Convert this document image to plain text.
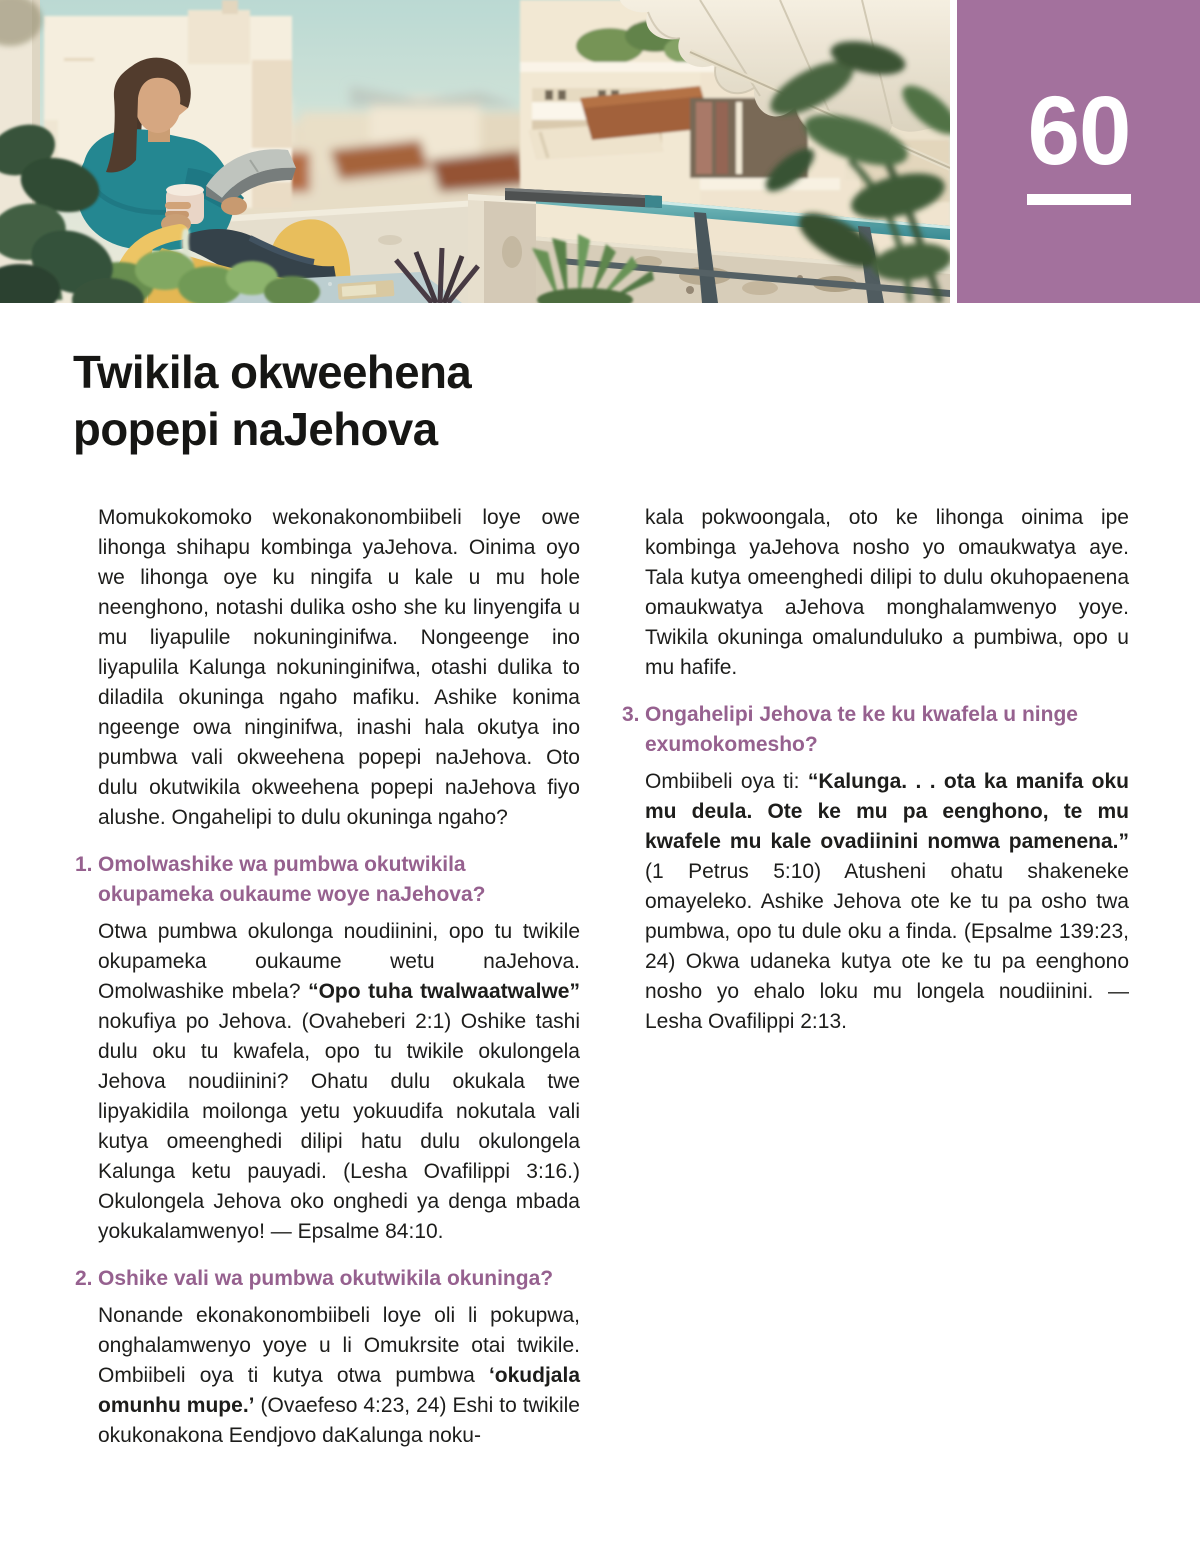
60
Twikila okweehena
popepi naJehova

Momukokomoko wekonakonombiibeli loye owe lihonga shihapu kombinga yaJehova. Oinima oyo we lihonga oye ku ningifa u kale u mu hole neenghono, notashi dulika osho she ku linyengifa u mu liyapulile nokuninginifwa. Nongeenge ino liyapulila Kalunga nokuninginifwa, otashi dulika to diladila okuninga ngaho mafiku. Ashike konima ngeenge owa ninginifwa, inashi hala okutya ino pumbwa vali okweehena popepi naJehova. Oto dulu okutwikila okweehena popepi naJehova fiyo alushe. Ongahelipi to dulu okuninga ngaho?

1. Omolwashike wa pumbwa okutwikila okupameka oukaume woye naJehova?

Otwa pumbwa okulonga noudiinini, opo tu twikile okupameka oukaume wetu naJehova. Omolwashike mbela? “Opo tuha twalwaatwalwe” nokufiya po Jehova. (Ovaheberi 2:1) Oshike tashi dulu oku tu kwafela, opo tu twikile okulongela Jehova noudiinini? Ohatu dulu okukala twe lipyakidila moilonga yetu yokuudifa nokutala vali kutya omeenghedi dilipi hatu dulu okulongela Kalunga ketu pauyadi. (Lesha Ovafilippi 3:16.) Okulongela Jehova oko onghedi ya denga mbada yokukalamwenyo! — Epsalme 84:10.

2. Oshike vali wa pumbwa okutwikila okuninga?

Nonande ekonakonombiibeli loye oli li pokupwa, onghalamwenyo yoye u li Omukrsite otai twikile. Ombiibeli oya ti kutya otwa pumbwa ‘okudjala omunhu mupe.’ (Ovaefeso 4:23, 24) Eshi to twikile okukonakona Eendjovo daKalunga noku-

kala pokwoongala, oto ke lihonga oinima ipe kombinga yaJehova nosho yo omaukwatya aye. Tala kutya omeenghedi dilipi to dulu okuhopaenena omaukwatya aJehova monghalamwenyo yoye. Twikila okuninga omalunduluko a pumbiwa, opo u mu hafife.

3. Ongahelipi Jehova te ke ku kwafela u ninge exumokomesho?

Ombiibeli oya ti: “Kalunga. . . ota ka manifa oku mu deula. Ote ke mu pa eenghono, te mu kwafele mu kale ovadiinini nomwa pamenena.” (1 Petrus 5:10) Atusheni ohatu shakeneke omayeleko. Ashike Jehova ote ke tu pa osho twa pumbwa, opo tu dule oku a finda. (Epsalme 139:23, 24) Okwa udaneka kutya ote ke tu pa eenghono nosho yo ehalo loku mu longela noudiinini. — Lesha Ovafilippi 2:13.
